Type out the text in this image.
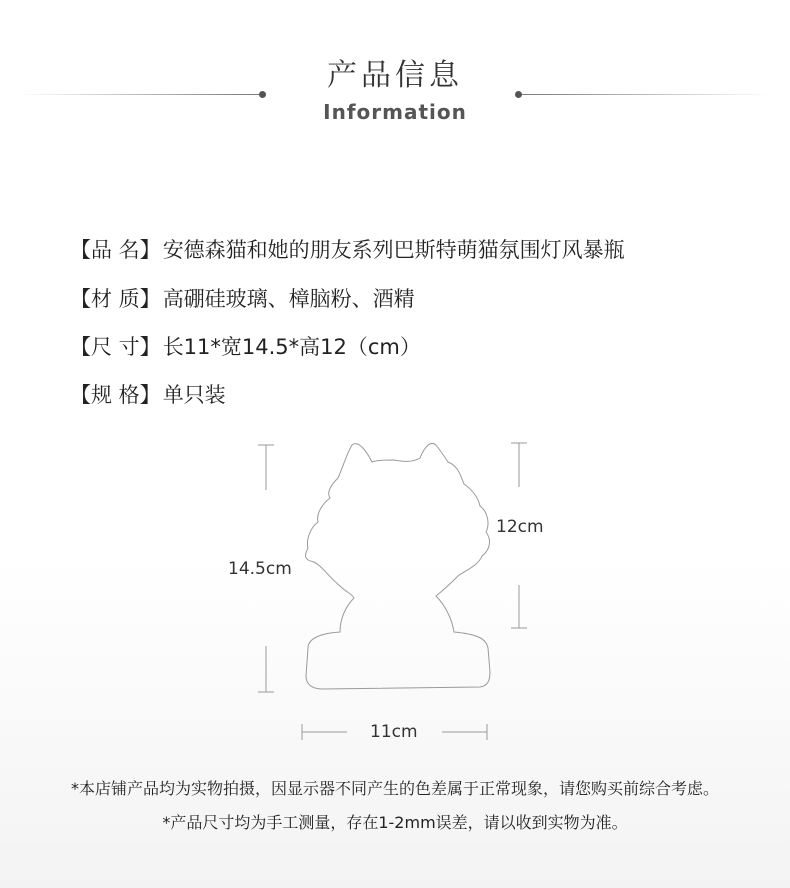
产品信息
Information
【品 名】安德森猫和她的朋友系列巴斯特萌猫氛围灯风暴瓶
【材 质】高硼硅玻璃、樟脑粉、酒精
【尺 寸】长11*宽14.5*高12（cm）
【规 格】单只装
14.5cm
12cm
11cm
*本店铺产品均为实物拍摄，因显示器不同产生的色差属于正常现象，请您购买前综合考虑。
*产品尺寸均为手工测量，存在1-2mm误差，请以收到实物为准。
